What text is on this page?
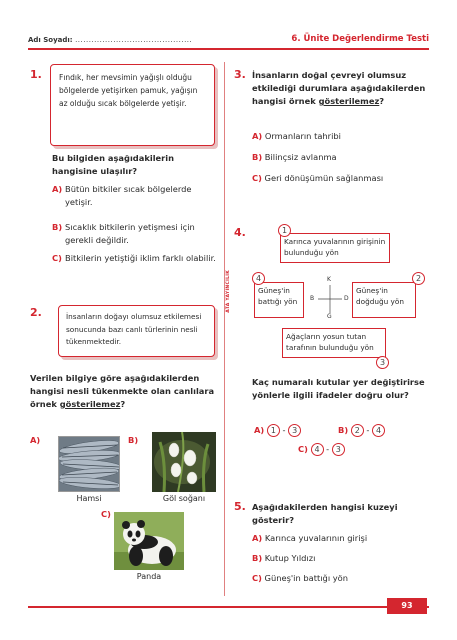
Adı Soyadı: ...........................................	6. Ünite Değerlendirme Testi
ATA YAYINCILIK
1.	Fındık, her mevsimin yağışlı olduğu bölgelerde yetişirken pamuk, yağışın az olduğu sıcak bölgelerde yetişir.
Bu bilgiden aşağıdakilerin hangisine ulaşılır?
A) Bütün bitkiler sıcak bölgelerde yetişir.
B) Sıcaklık bitkilerin yetişmesi için gerekli değildir.
C) Bitkilerin yetiştiği iklim farklı olabilir.
2.	İnsanların doğayı olumsuz etkilemesi sonucunda bazı canlı türlerinin nesli tükenmektedir.
Verilen bilgiye göre aşağıdakilerden hangisi nesli tükenmekte olan canlılara örnek gösterilemez?
A)
Hamsi
B)
Göl soğanı
C)
Panda
3. İnsanların doğal çevreyi olumsuz etkilediği durumlara aşağıdakilerden hangisi örnek gösterilemez?
A) Ormanların tahribi
B) Bilinçsiz avlanma
C) Geri dönüşümün sağlanması
4.
Karınca yuvalarının girişinin bulunduğu yön
1
Güneş'in battığı yön
4
Güneş'in doğduğu yön
2
K
B	D
G
Ağaçların yosun tutan tarafının bulunduğu yön
3
Kaç numaralı kutular yer değiştirirse yönlerle ilgili ifadeler doğru olur?
A) 1 - 3	B) 2 - 4
C) 4 - 3
5. Aşağıdakilerden hangisi kuzeyi gösterir?
A) Karınca yuvalarının girişi
B) Kutup Yıldızı
C) Güneş'in battığı yön
93
